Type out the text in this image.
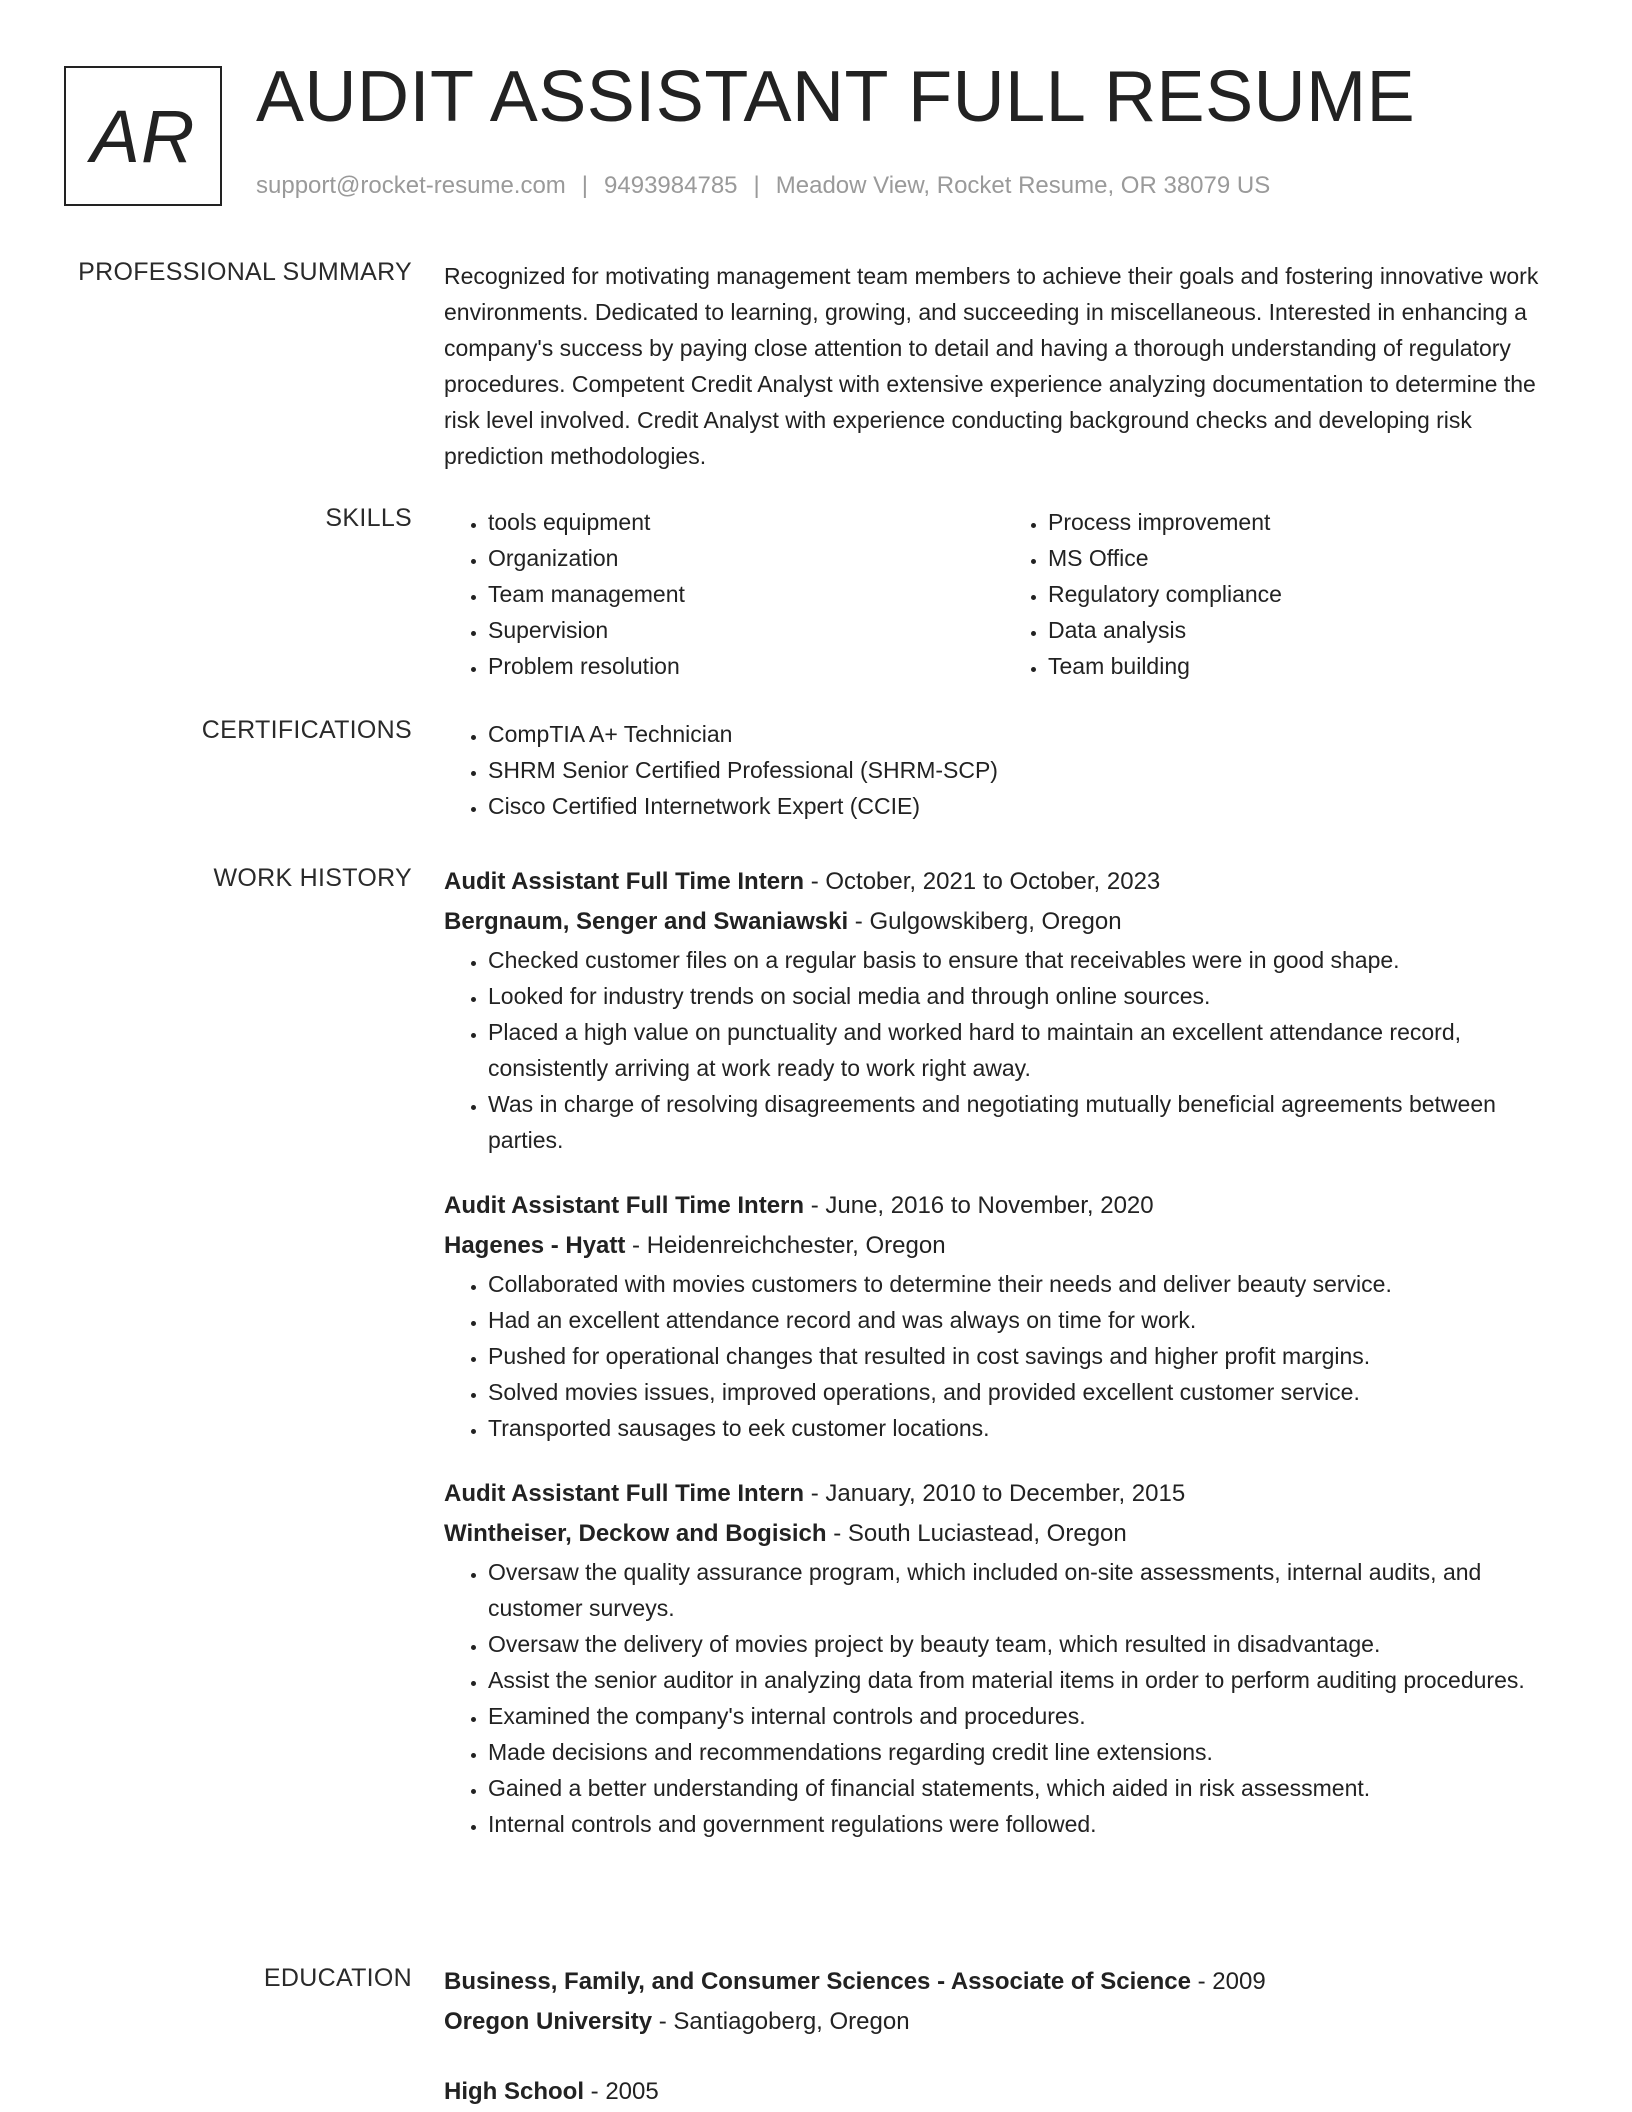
AR AUDIT ASSISTANT FULL RESUME
support@rocket-resume.com | 9493984785 | Meadow View, Rocket Resume, OR 38079 US
PROFESSIONAL SUMMARY Recognized for motivating management team members to achieve their goals and fostering innovative work environments. Dedicated to learning, growing, and succeeding in miscellaneous. Interested in enhancing a company's success by paying close attention to detail and having a thorough understanding of regulatory procedures. Competent Credit Analyst with extensive experience analyzing documentation to determine the risk level involved. Credit Analyst with experience conducting background checks and developing risk prediction methodologies.

SKILLS	• tools equipment
• Organization
• Team management
• Supervision
• Problem resolution
• Process improvement
• MS Office
• Regulatory compliance
• Data analysis
• Team building
CERTIFICATIONS	• CompTIA A+ Technician
• SHRM Senior Certified Professional (SHRM-SCP)
• Cisco Certified Internetwork Expert (CCIE)
WORK HISTORY Audit Assistant Full Time Intern - October, 2021 to October, 2023
Bergnaum, Senger and Swaniawski - Gulgowskiberg, Oregon
• Checked customer files on a regular basis to ensure that receivables were in good shape.
• Looked for industry trends on social media and through online sources.
• Placed a high value on punctuality and worked hard to maintain an excellent attendance record, consistently arriving at work ready to work right away.
• Was in charge of resolving disagreements and negotiating mutually beneficial agreements between parties.
Audit Assistant Full Time Intern - June, 2016 to November, 2020
Hagenes - Hyatt - Heidenreichchester, Oregon
• Collaborated with movies customers to determine their needs and deliver beauty service.
• Had an excellent attendance record and was always on time for work.
• Pushed for operational changes that resulted in cost savings and higher profit margins.
• Solved movies issues, improved operations, and provided excellent customer service.
• Transported sausages to eek customer locations.
Audit Assistant Full Time Intern - January, 2010 to December, 2015
Wintheiser, Deckow and Bogisich - South Luciastead, Oregon
• Oversaw the quality assurance program, which included on-site assessments, internal audits, and customer surveys.
• Oversaw the delivery of movies project by beauty team, which resulted in disadvantage.
• Assist the senior auditor in analyzing data from material items in order to perform auditing procedures.
• Examined the company's internal controls and procedures.
• Made decisions and recommendations regarding credit line extensions.
• Gained a better understanding of financial statements, which aided in risk assessment.
• Internal controls and government regulations were followed.
EDUCATION Business, Family, and Consumer Sciences - Associate of Science - 2009
Oregon University - Santiagoberg, Oregon
High School - 2005
